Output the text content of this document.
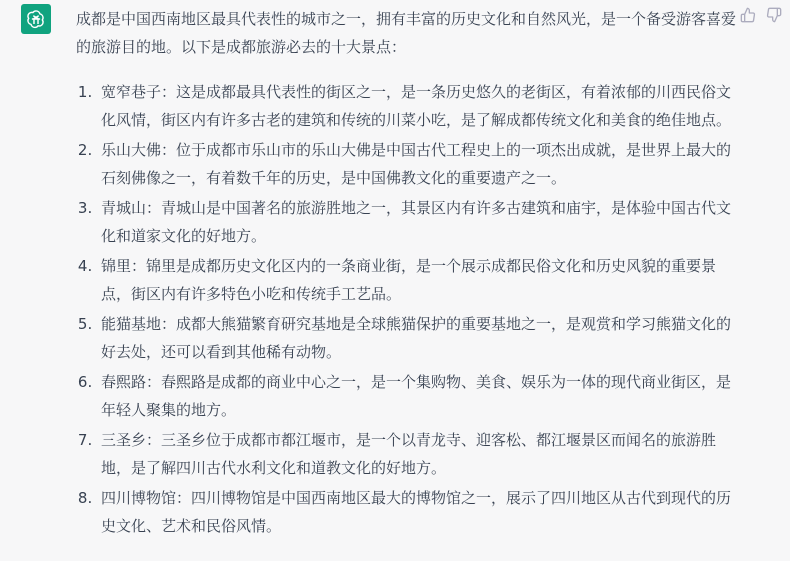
成都是中国西南地区最具代表性的城市之一，拥有丰富的历史文化和自然风光，是一个备受游客喜爱的旅游目的地。以下是成都旅游必去的十大景点：

1. 宽窄巷子：这是成都最具代表性的街区之一，是一条历史悠久的老街区，有着浓郁的川西民俗文化风情，街区内有许多古老的建筑和传统的川菜小吃，是了解成都传统文化和美食的绝佳地点。
2. 乐山大佛：位于成都市乐山市的乐山大佛是中国古代工程史上的一项杰出成就，是世界上最大的石刻佛像之一，有着数千年的历史，是中国佛教文化的重要遗产之一。
3. 青城山：青城山是中国著名的旅游胜地之一，其景区内有许多古建筑和庙宇，是体验中国古代文化和道家文化的好地方。
4. 锦里：锦里是成都历史文化区内的一条商业街，是一个展示成都民俗文化和历史风貌的重要景点，街区内有许多特色小吃和传统手工艺品。
5. 能猫基地：成都大熊猫繁育研究基地是全球熊猫保护的重要基地之一，是观赏和学习熊猫文化的好去处，还可以看到其他稀有动物。
6. 春熙路：春熙路是成都的商业中心之一，是一个集购物、美食、娱乐为一体的现代商业街区，是年轻人聚集的地方。
7. 三圣乡：三圣乡位于成都市都江堰市，是一个以青龙寺、迎客松、都江堰景区而闻名的旅游胜地，是了解四川古代水利文化和道教文化的好地方。
8. 四川博物馆：四川博物馆是中国西南地区最大的博物馆之一，展示了四川地区从古代到现代的历史文化、艺术和民俗风情。
